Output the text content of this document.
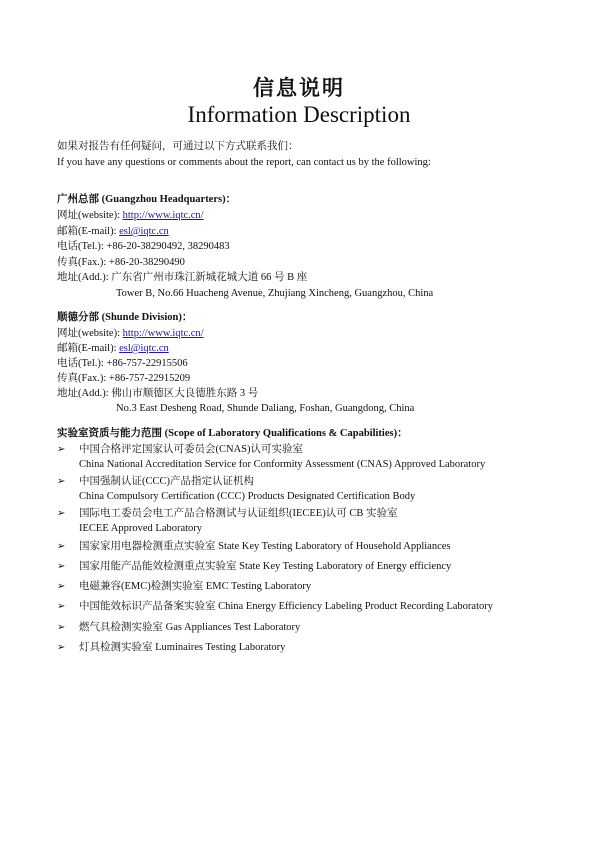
信息说明
Information Description
如果对报告有任何疑问，可通过以下方式联系我们：
If you have any questions or comments about the report, can contact us by the following:
广州总部 (Guangzhou Headquarters)：
网址(website): http://www.iqtc.cn/
邮箱(E-mail): esl@iqtc.cn
电话(Tel.): +86-20-38290492, 38290483
传真(Fax.): +86-20-38290490
地址(Add.): 广东省广州市珠江新城花城大道 66 号 B 座
Tower B, No.66 Huacheng Avenue, Zhujiang Xincheng, Guangzhou, China
顺德分部 (Shunde Division)：
网址(website): http://www.iqtc.cn/
邮箱(E-mail): esl@iqtc.cn
电话(Tel.): +86-757-22915506
传真(Fax.): +86-757-22915209
地址(Add.): 佛山市顺德区大良德胜东路 3 号
No.3 East Desheng Road, Shunde Daliang, Foshan, Guangdong, China
实验室资质与能力范围 (Scope of Laboratory Qualifications & Capabilities)：
➢ 中国合格评定国家认可委员会(CNAS)认可实验室
China National Accreditation Service for Conformity Assessment (CNAS) Approved Laboratory
➢ 中国强制认证(CCC)产品指定认证机构
China Compulsory Certification (CCC) Products Designated Certification Body
➢ 国际电工委员会电工产品合格测试与认证组织(IECEE)认可 CB 实验室
IECEE Approved Laboratory
➢ 国家家用电器检测重点实验室 State Key Testing Laboratory of Household Appliances
➢ 国家用能产品能效检测重点实验室 State Key Testing Laboratory of Energy efficiency
➢ 电磁兼容(EMC)检测实验室 EMC Testing Laboratory
➢ 中国能效标识产品备案实验室 China Energy Efficiency Labeling Product Recording Laboratory
➢ 燃气具检测实验室 Gas Appliances Test Laboratory
➢ 灯具检测实验室 Luminaires Testing Laboratory
